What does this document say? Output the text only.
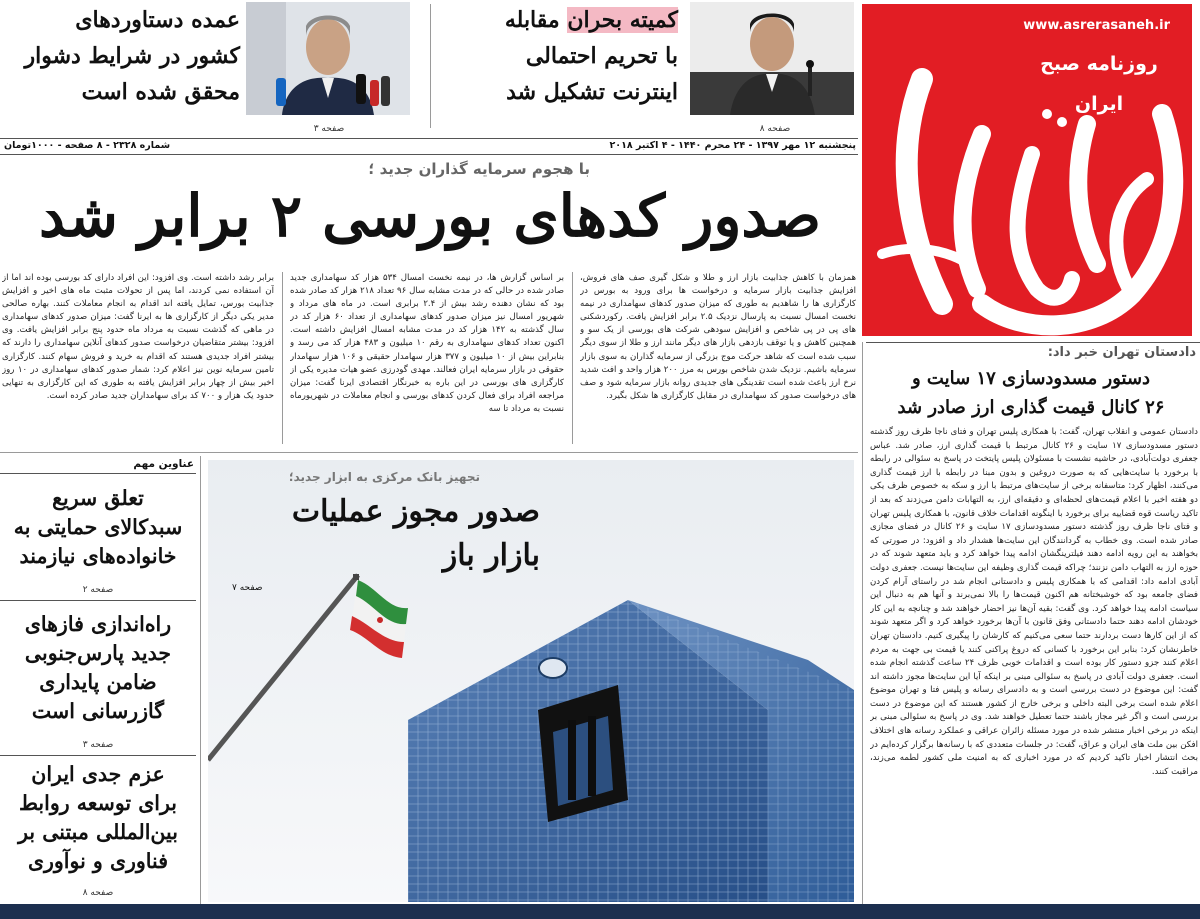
www.asrerasaneh.ir
روزنامه صبح ایران
صفحه ۸
کمیته بحران مقابله
با تحریم احتمالی
اینترنت تشکیل شد
صفحه ۳
عمده دستاوردهای
کشور در شرایط دشوار
محقق شده است
پنجشنبه ۱۲ مهر ۱۳۹۷ - ۲۴ محرم ۱۴۴۰ - ۴ اکتبر ۲۰۱۸
شماره ۲۳۲۸ - ۸ صفحه - ۱۰۰۰تومان
با هجوم سرمایه گذاران جدید ؛
صدور کدهای بورسی ۲ برابر شد
همزمان با کاهش جذابیت بازار ارز و طلا و شکل گیری صف های فروش، افزایش جذابیت بازار سرمایه و درخواست ها برای ورود به بورس در کارگزاری ها را شاهدیم به طوری که میزان صدور کدهای سهامداری در نیمه نخست امسال نسبت به پارسال نزدیک ۲.۵ برابر افزایش یافت. رکوردشکنی های پی در پی شاخص و افزایش سودهی شرکت های بورسی از یک سو و همچنین کاهش و یا توقف بازدهی بازار های دیگر مانند ارز و طلا از سوی دیگر سبب شده است که شاهد حرکت موج بزرگی از سرمایه گذاران به سوی بازار سرمایه باشیم. نزدیک شدن شاخص بورس به مرز ۲۰۰ هزار واحد و افت شدید نرخ ارز باعث شده است تقدینگی های جدیدی روانه بازار سرمایه شود و صف های درخواست صدور کد سهامداری در مقابل کارگزاری ها شکل بگیرد.
بر اساس گزارش ها، در نیمه نخست امسال ۵۳۴ هزار کد سهامداری جدید صادر شده در حالی که در مدت مشابه سال ۹۶ تعداد ۲۱۸ هزار کد صادر شده بود که نشان دهنده رشد بیش از ۲.۴ برابری است. در ماه های مرداد و شهریور امسال نیز میزان صدور کدهای سهامداری از تعداد ۶۰ هزار کد در سال گذشته به ۱۴۲ هزار کد در مدت مشابه امسال افزایش داشته است. اکنون تعداد کدهای سهامداری به رقم ۱۰ میلیون و ۴۸۳ هزار کد می رسد و بنابراین بیش از ۱۰ میلیون و ۳۷۷ هزار سهامدار حقیقی و ۱۰۶ هزار سهامدار حقوقی در بازار سرمایه ایران فعالند. مهدی گودرزی عضو هیات مدیره یکی از کارگزاری های بورسی در این باره به خبرنگار اقتصادی ایرنا گفت: میزان مراجعه افراد برای فعال کردن کدهای بورسی و انجام معاملات در شهریورماه نسبت به مرداد تا سه
برابر رشد داشته است. وی افزود: این افراد دارای کد بورسی بوده اند اما از آن استفاده نمی کردند، اما پس از تحولات مثبت ماه های اخیر و افزایش جذابیت بورس، تمایل یافته اند اقدام به انجام معاملات کنند. بهاره صالحی مدیر یکی دیگر از کارگزاری ها به ایرنا گفت: میزان صدور کدهای سهامداری در ماهی که گذشت نسبت به مرداد ماه حدود پنج برابر افزایش یافت. وی افزود: بیشتر متقاضیان درخواست صدور کدهای آنلاین سهامداری را دارند که بیشتر افراد جدیدی هستند که اقدام به خرید و فروش سهام کنند. کارگزاری تامین سرمایه نوین نیز اعلام کرد: شمار صدور کدهای سهامداری در ۱۰ روز اخیر بیش از چهار برابر افزایش یافته به طوری که این کارگزاری به تنهایی حدود یک هزار و ۷۰۰ کد برای سهامداران جدید صادر کرده است.
دادستان تهران خبر داد:
دستور مسدودسازی ۱۷ سایت و
۲۶ کانال قیمت گذاری ارز صادر شد
دادستان عمومی و انقلاب تهران، گفت: با همکاری پلیس تهران و فتای ناجا ظرف روز گذشته دستور مسدودسازی ۱۷ سایت و ۲۶ کانال مرتبط با قیمت گذاری ارز، صادر شد. عباس جعفری دولت‌آبادی، در حاشیه نشست با مسئولان پلیس پایتخت در پاسخ به سئوالی در رابطه با برخورد با سایت‌هایی که به صورت دروغین و بدون مبنا در رابطه با ارز قیمت گذاری می‌کنند، اظهار کرد: متاسفانه برخی از سایت‌های مرتبط با ارز و سکه به خصوص ظرف یکی دو هفته اخیر با اعلام قیمت‌های لحظه‌ای و دقیقه‌ای ارز، به التهابات دامن می‌زدند که بعد از تاکید ریاست قوه قضاییه برای برخورد با اینگونه اقدامات خلاف قانون، با همکاری پلیس تهران و فتای ناجا ظرف روز گذشته دستور مسدودسازی ۱۷ سایت و ۲۶ کانال در فضای مجازی صادر شده است. وی خطاب به گردانندگان این سایت‌ها هشدار داد و افزود: در صورتی که بخواهند به این رویه ادامه دهند فیلترینگشان ادامه پیدا خواهد کرد و باید متعهد شوند که در حوزه ارز به التهاب دامن نزنند؛ چراکه قیمت گذاری وظیفه این سایت‌ها نیست. جعفری دولت آبادی ادامه داد: اقدامی که با همکاری پلیس و دادستانی انجام شد در راستای آرام کردن فضای جامعه بود که خوشبختانه هم اکنون قیمت‌ها را بالا نمی‌برند و آنها هم به دنبال این سیاست ادامه پیدا خواهد کرد. وی گفت: بقیه آن‌ها نیز احضار خواهند شد و چنانچه به این کار خودشان ادامه دهند حتما دادستانی وفق قانون با آن‌ها برخورد خواهد کرد و اگر متعهد شوند که از این کارها دست بردارند حتما سعی می‌کنیم که کارشان را پیگیری کنیم. دادستان تهران خاطرنشان کرد: بنابر این برخورد با کسانی که دروغ پراکنی کنند یا قیمت بی جهت به مردم اعلام کنند جزو دستور کار بوده است و اقدامات خوبی ظرف ۲۴ ساعت گذشته انجام شده است. جعفری دولت آبادی در پاسخ به سئوالی مبنی بر اینکه آیا این سایت‌ها مجوز داشته اند گفت: این موضوع در دست بررسی است و به دادسرای رسانه و پلیس فتا و تهران موضوع اعلام شده است برخی البته داخلی و برخی خارج از کشور هستند که این موضوع در دست بررسی است و اگر غیر مجاز باشند حتما تعطیل خواهند شد. وی در پاسخ به سئوالی مبنی بر اینکه در برخی اخبار منتشر شده در مورد مسئله زائران عراقی و عملکرد رسانه های اختلاف افکن بین ملت های ایران و عراق، گفت: در جلسات متعددی که با رسانه‌ها برگزار کرده‌ایم در بحث انتشار اخبار تاکید کردیم که در مورد اخباری که به امنیت ملی کشور لطمه می‌زند، مراقبت کنند.
تجهیز بانک مرکزی به ابزار جدید؛
صدور مجوز عملیات
بازار باز
صفحه ۷
عناوین مهم
تعلق سریع
سبدکالای حمایتی به
خانواده‌های نیازمند
صفحه ۲
راه‌اندازی فازهای
جدید پارس‌جنوبی
ضامن پایداری
گازرسانی است
صفحه ۳
عزم جدی ایران
برای توسعه روابط
بین‌المللی مبتنی بر
فناوری و نوآوری
صفحه ۸
